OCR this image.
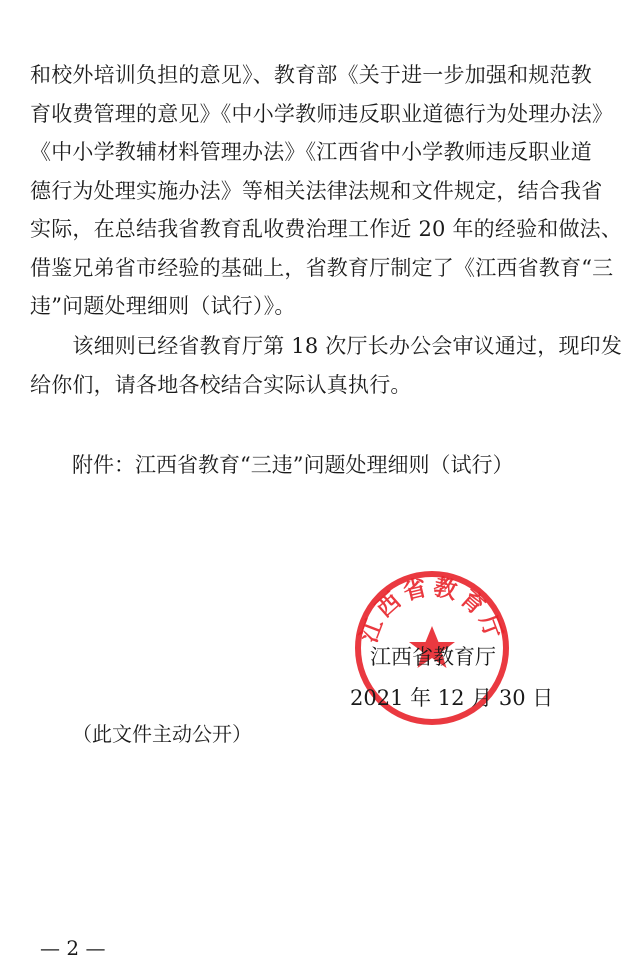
和校外培训负担的意见》、教育部《关于进一步加强和规范教
育收费管理的意见》《中小学教师违反职业道德行为处理办法》
《中小学教辅材料管理办法》《江西省中小学教师违反职业道
德行为处理实施办法》等相关法律法规和文件规定，结合我省
实际，在总结我省教育乱收费治理工作近 20 年的经验和做法、
借鉴兄弟省市经验的基础上，省教育厅制定了《江西省教育“三
违”问题处理细则（试行）》。
　　该细则已经省教育厅第 18 次厅长办公会审议通过，现印发
给你们，请各地各校结合实际认真执行。
附件：江西省教育“三违”问题处理细则（试行）
江西省教育厅
江西省教育厅
2021 年 12 月 30 日
（此文件主动公开）
— 2 —
